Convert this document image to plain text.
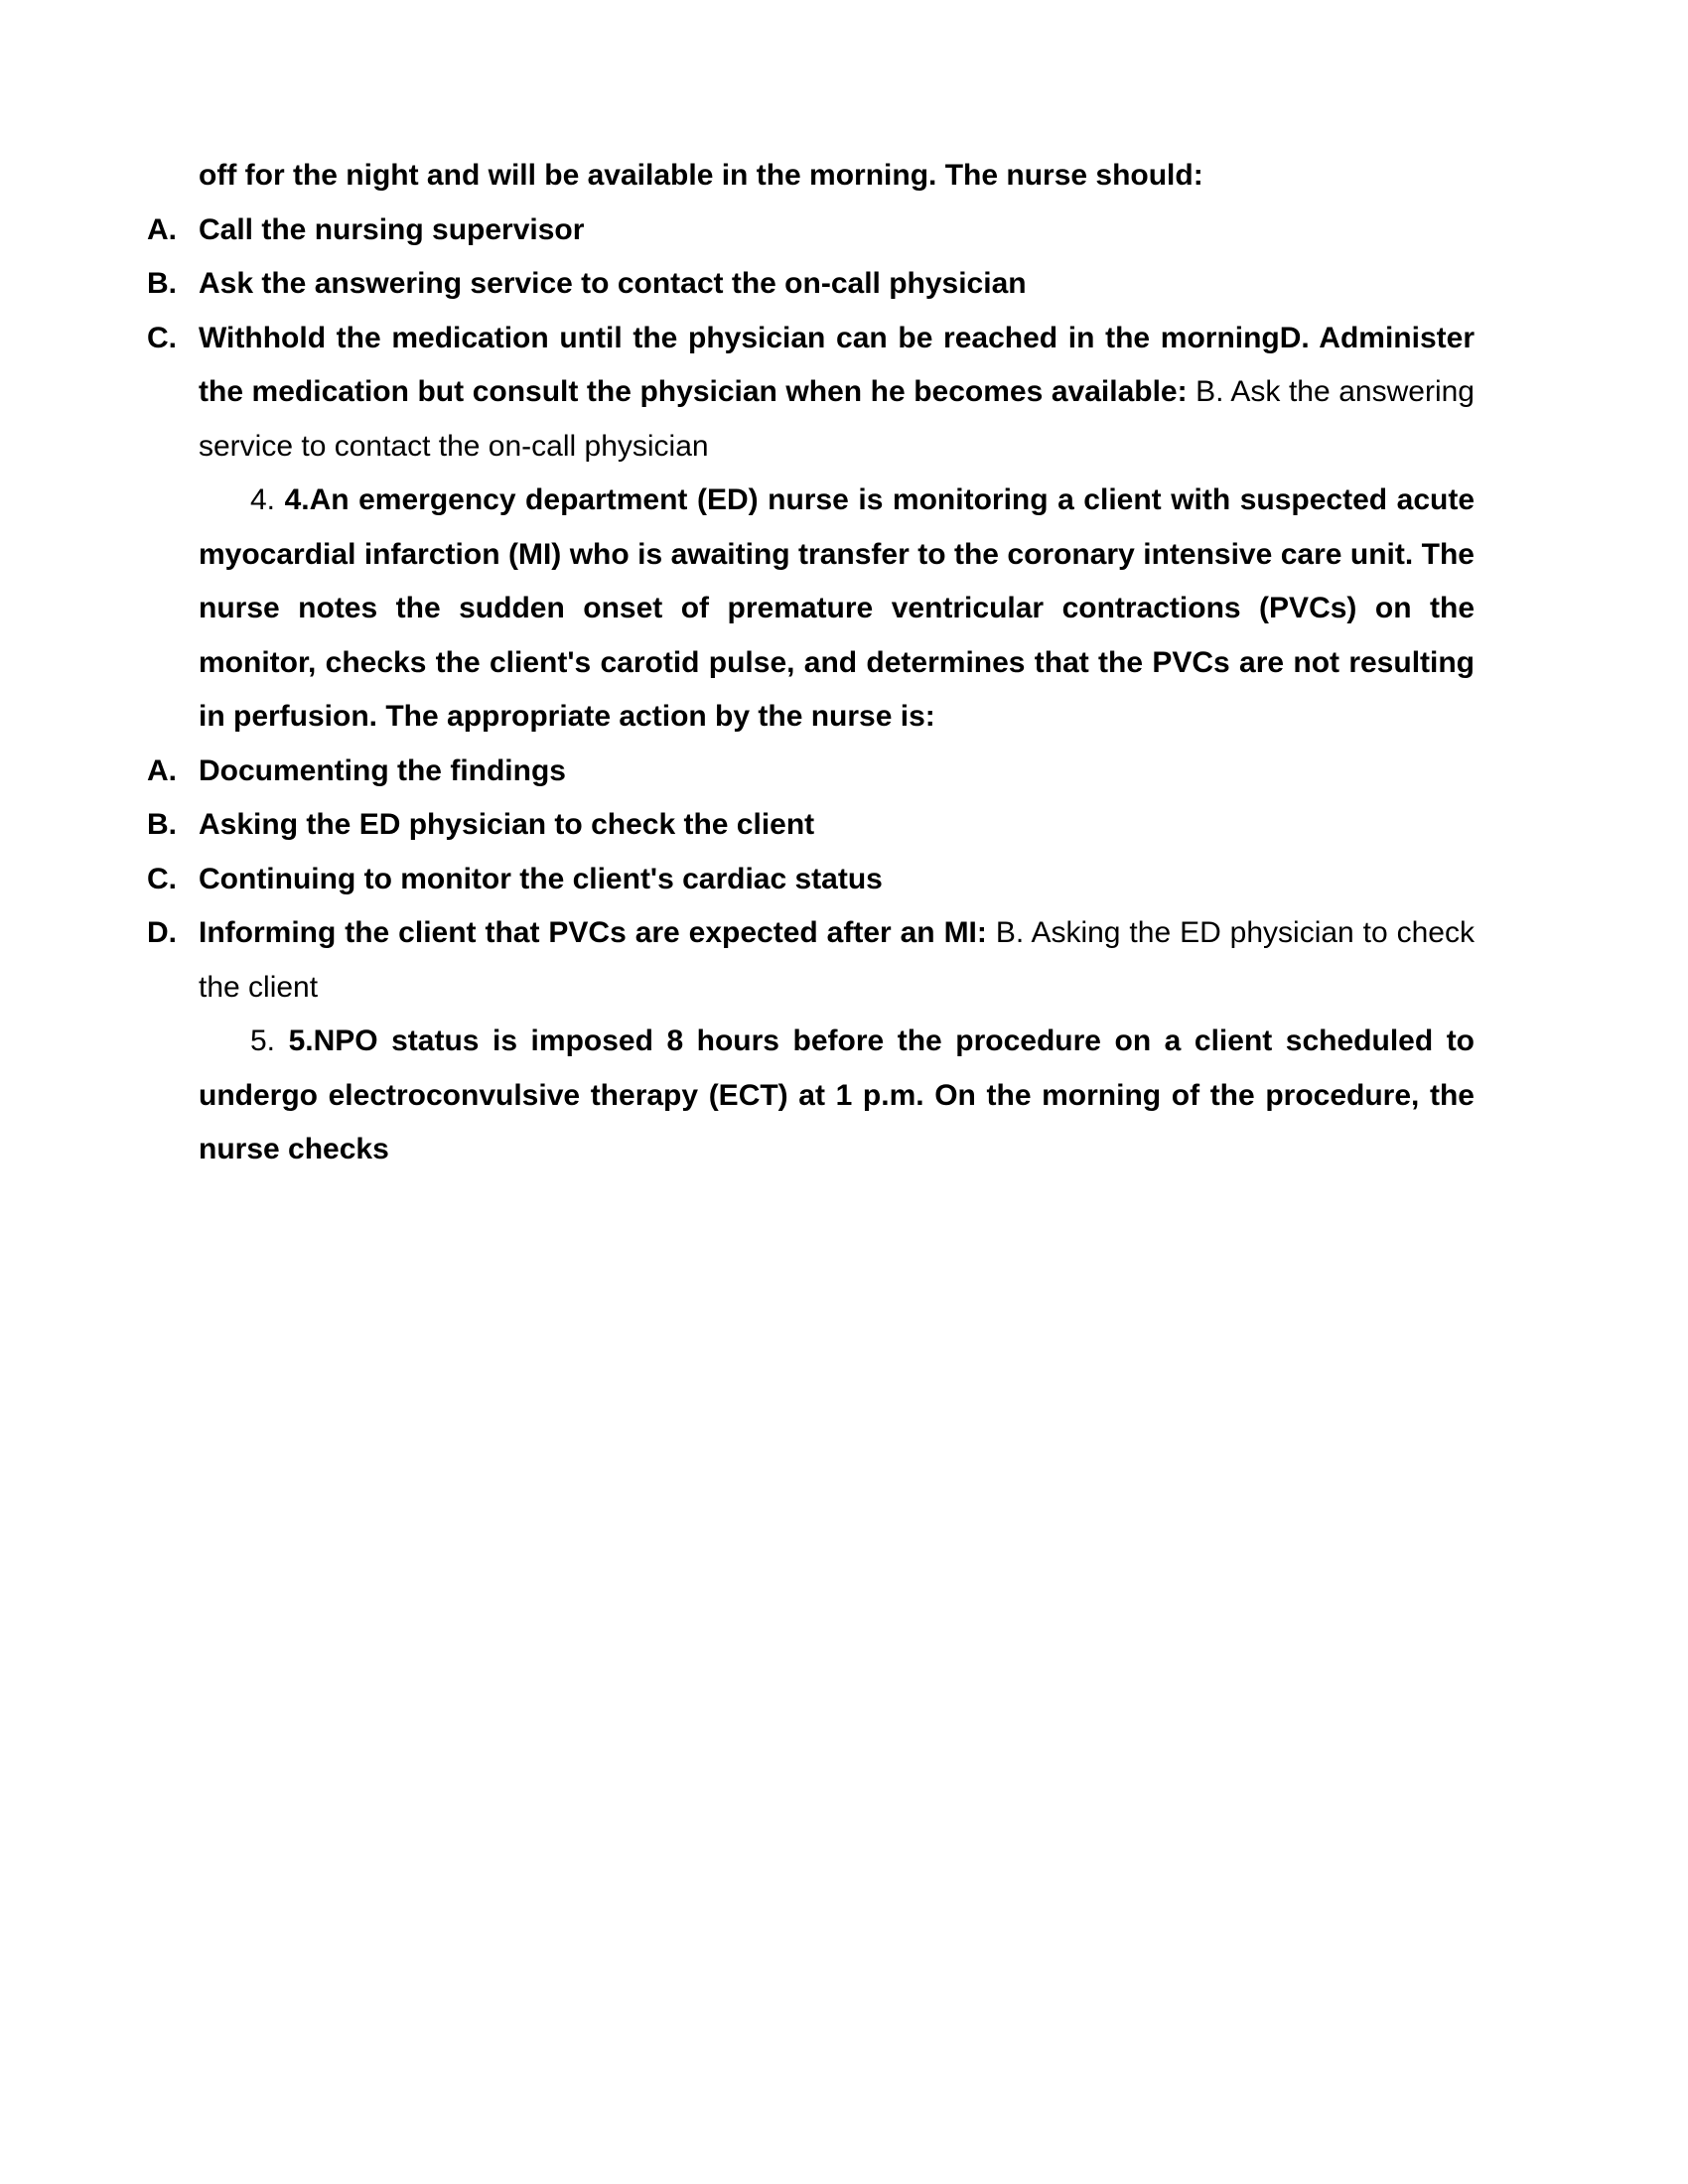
off for the night and will be available in the morning. The nurse should:

A. Call the nursing supervisor
B. Ask the answering service to contact the on-call physician
C. Withhold the medication until the physician can be reached in the morningD. Administer the medication but consult the physician when he becomes available: B. Ask the answering service to contact the on-call physician

4. 4.An emergency department (ED) nurse is monitoring a client with suspected acute myocardial infarction (MI) who is awaiting transfer to the coronary intensive care unit. The nurse notes the sudden onset of premature ventricular contractions (PVCs) on the monitor, checks the client's carotid pulse, and determines that the PVCs are not resulting in perfusion. The appropriate action by the nurse is:

A. Documenting the findings
B. Asking the ED physician to check the client
C. Continuing to monitor the client's cardiac status
D. Informing the client that PVCs are expected after an MI: B. Asking the ED physician to check the client

5. 5.NPO status is imposed 8 hours before the procedure on a client scheduled to undergo electroconvulsive therapy (ECT) at 1 p.m. On the morning of the procedure, the nurse checks
